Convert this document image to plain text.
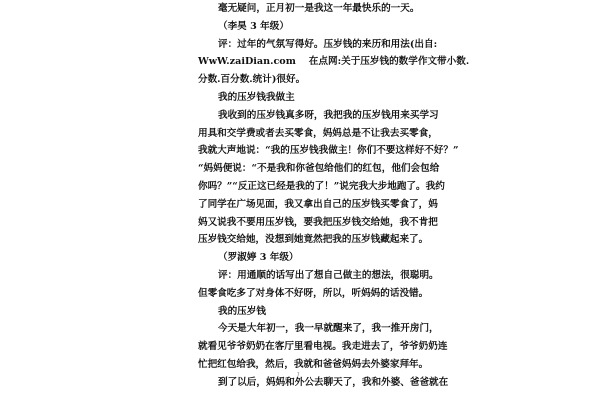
毫无疑问，正月初一是我这一年最快乐的一天。
（李昊 3 年级）
评：过年的气氛写得好。压岁钱的来历和用法(出自:
WwW.zaiDian.com　 在点网:关于压岁钱的数学作文带小数.
分数.百分数.统计)很好。
我的压岁钱我做主
我收到的压岁钱真多呀，我把我的压岁钱用来买学习
用具和交学费或者去买零食，妈妈总是不让我去买零食，
我就大声地说：“我的压岁钱我做主！你们不要这样好不好？”
“妈妈便说：“不是我和你爸包给他们的红包，他们会包给
你吗？”“反正这已经是我的了！”说完我大步地跑了。我约
了同学在广场见面，我又拿出自己的压岁钱买零食了，妈
妈又说我不要用压岁钱，要我把压岁钱交给她，我不肯把
压岁钱交给她，没想到她竟然把我的压岁钱藏起来了。
（罗淑婷 3 年级）
评：用通顺的话写出了想自己做主的想法，很聪明。
但零食吃多了对身体不好呀，所以，听妈妈的话没错。
我的压岁钱
今天是大年初一，我一早就醒来了，我一推开房门，
就看见爷爷奶奶在客厅里看电视。我走进去了，爷爷奶奶连
忙把红包给我，然后，我就和爸爸妈妈去外婆家拜年。
到了以后，妈妈和外公去聊天了，我和外婆、爸爸就在
7
